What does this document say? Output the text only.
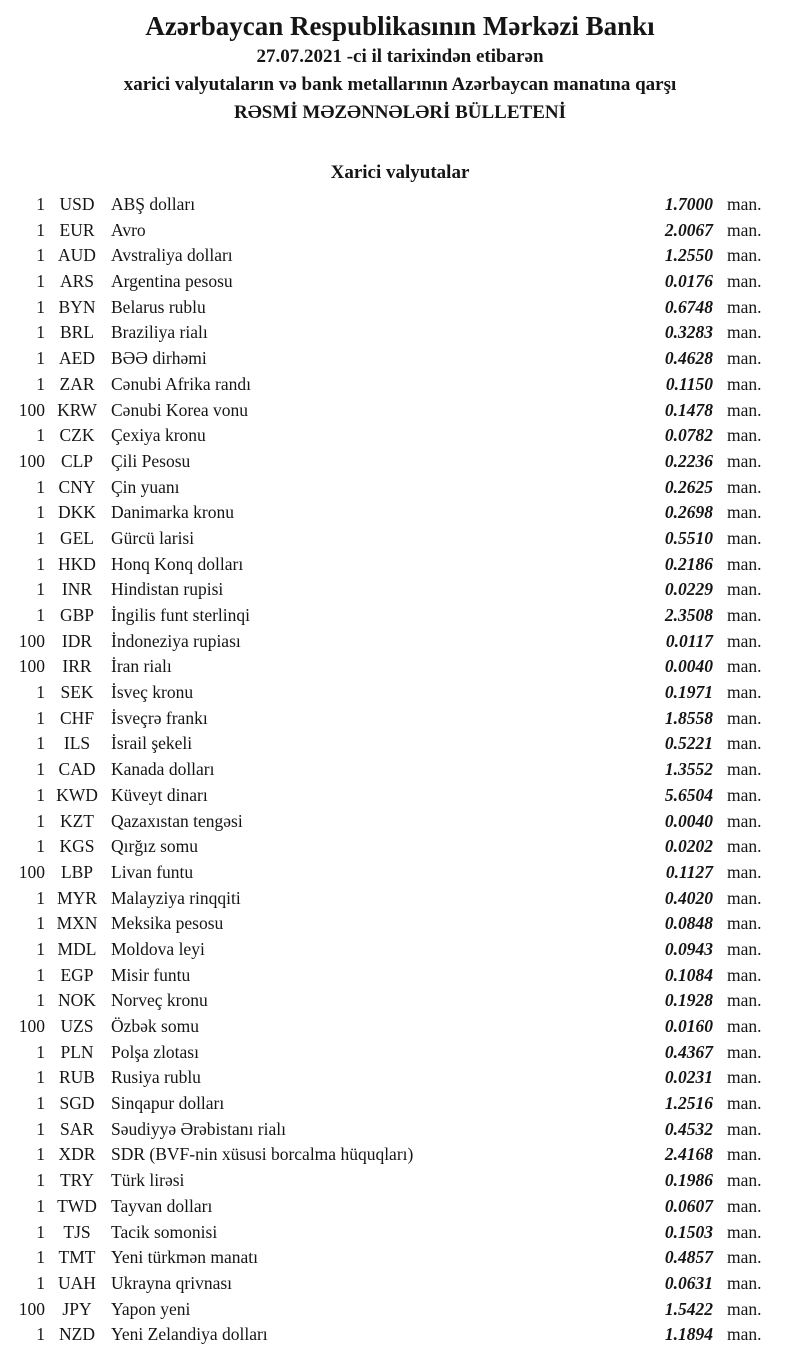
Azərbaycan Respublikasının Mərkəzi Bankı
27.07.2021 -ci il tarixindən etibarən
xarici valyutaların və bank metallarının Azərbaycan manatına qarşı
RƏSMİ MƏZƏNNƏLƏRİ BÜLLETENİ
Xarici valyutalar
1 USD ABŞ dolları	1.7000 man.
1 EUR Avro	2.0067 man.
1 AUD Avstraliya dolları	1.2550 man.
1 ARS Argentina pesosu	0.0176 man.
1 BYN Belarus rublu	0.6748 man.
1 BRL Braziliya rialı	0.3283 man.
1 AED BƏƏ dirhəmi	0.4628 man.
1 ZAR Cənubi Afrika randı	0.1150 man.
100 KRW Cənubi Korea vonu	0.1478 man.
1 CZK Çexiya kronu	0.0782 man.
100 CLP	Çili Pesosu	0.2236 man.
1 CNY Çin yuanı	0.2625 man.
1 DKK Danimarka kronu	0.2698 man.
1 GEL Gürcü larisi	0.5510 man.
1 HKD Honq Konq dolları	0.2186 man.
1 INR	Hindistan rupisi	0.0229 man.
1 GBP İngilis funt sterlinqi	2.3508 man.
100 IDR	İndoneziya rupiası	0.0117 man.
100 IRR	İran rialı	0.0040 man.
1 SEK İsveç kronu	0.1971 man.
1 CHF İsveçrə frankı	1.8558 man.
1	ILS	İsrail şekeli	0.5221 man.
1 CAD Kanada dolları	1.3552 man.
1 KWD Küveyt dinarı	5.6504 man.
1 KZT Qazaxıstan tengəsi	0.0040 man.
1 KGS Qırğız somu	0.0202 man.
100 LBP	Livan funtu	0.1127 man.
1 MYR Malayziya rinqqiti	0.4020 man.
1 MXN Meksika pesosu	0.0848 man.
1 MDL Moldova leyi	0.0943 man.
1 EGP Misir funtu	0.1084 man.
1 NOK Norveç kronu	0.1928 man.
100 UZS Özbək somu	0.0160 man.
1 PLN Polşa zlotası	0.4367 man.
1 RUB Rusiya rublu	0.0231 man.
1 SGD Sinqapur dolları	1.2516 man.
1 SAR Səudiyyə Ərəbistanı rialı	0.4532 man.
1 XDR SDR (BVF-nin xüsusi borcalma hüquqları)	2.4168 man.
1 TRY Türk lirəsi	0.1986 man.
1 TWD Tayvan dolları	0.0607 man.
1	TJS	Tacik somonisi	0.1503 man.
1 TMT Yeni türkmən manatı	0.4857 man.
1 UAH Ukrayna qrivnası	0.0631 man.
100 JPY	Yapon yeni	1.5422 man.
1 NZD Yeni Zelandiya dolları	1.1894 man.
